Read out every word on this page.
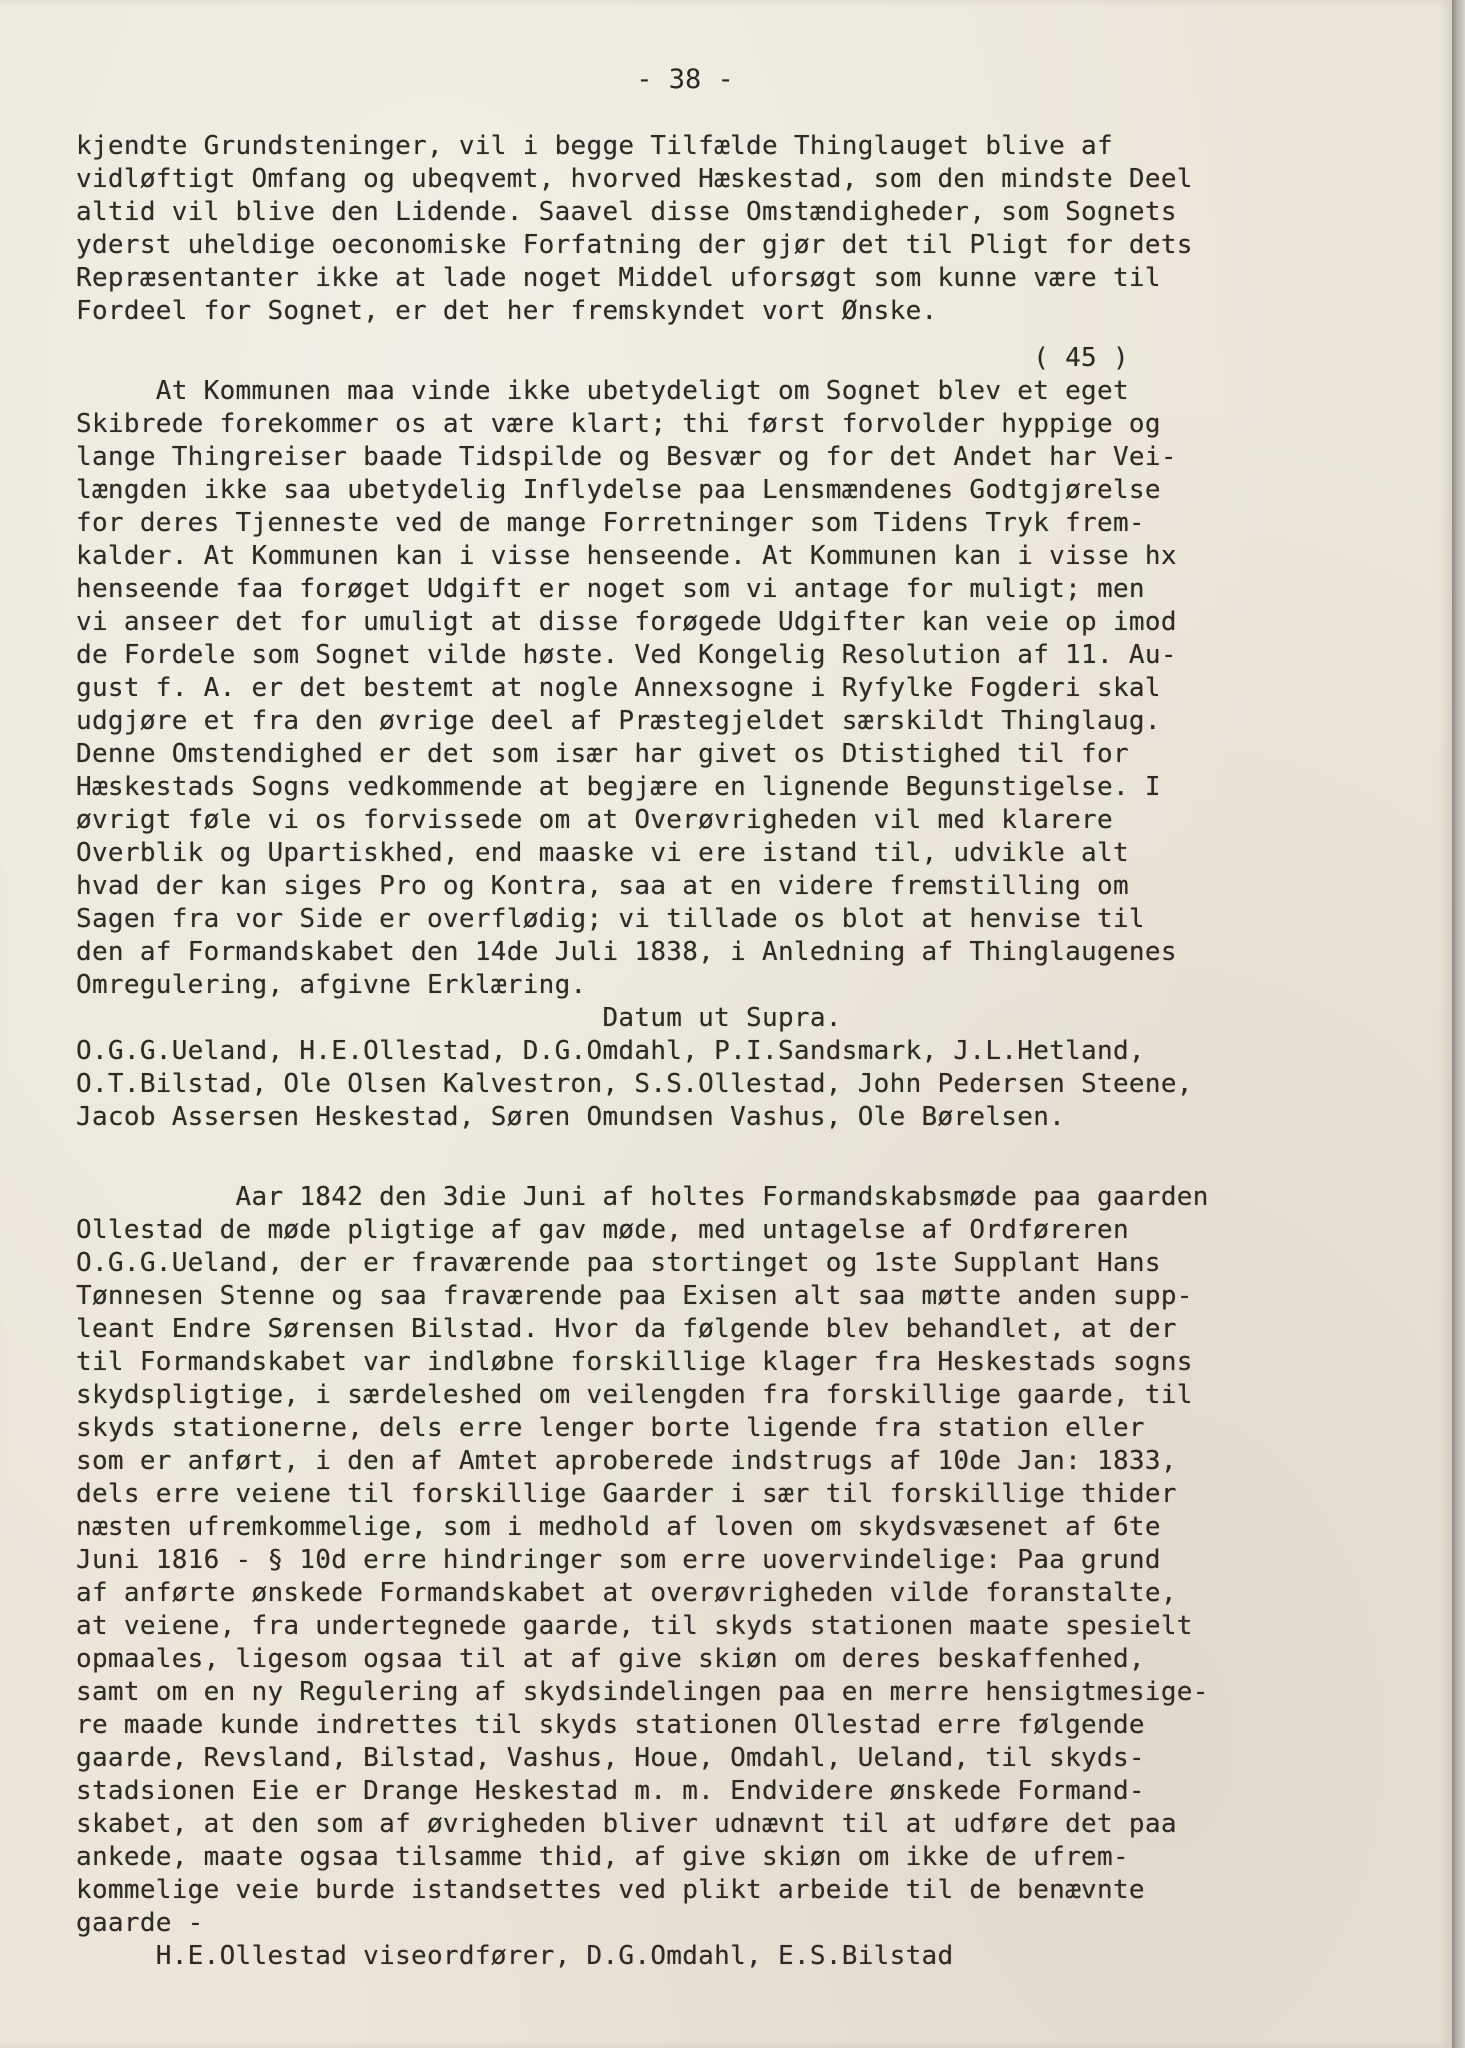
- 38 -
kjendte Grundsteninger, vil i begge Tilfælde Thinglauget blive af
vidløftigt Omfang og ubeqvemt, hvorved Hæskestad, som den mindste Deel
altid vil blive den Lidende. Saavel disse Omstændigheder, som Sognets
yderst uheldige oeconomiske Forfatning der gjør det til Pligt for dets
Repræsentanter ikke at lade noget Middel uforsøgt som kunne være til
Fordeel for Sognet, er det her fremskyndet vort Ønske.
( 45 )
At Kommunen maa vinde ikke ubetydeligt om Sognet blev et eget
Skibrede forekommer os at være klart; thi først forvolder hyppige og
lange Thingreiser baade Tidspilde og Besvær og for det Andet har Vei-
længden ikke saa ubetydelig Inflydelse paa Lensmændenes Godtgjørelse
for deres Tjenneste ved de mange Forretninger som Tidens Tryk frem-
kalder. At Kommunen kan i visse henseende. At Kommunen kan i visse hx
henseende faa forøget Udgift er noget som vi antage for muligt; men
vi anseer det for umuligt at disse forøgede Udgifter kan veie op imod
de Fordele som Sognet vilde høste. Ved Kongelig Resolution af 11. Au-
gust f. A. er det bestemt at nogle Annexsogne i Ryfylke Fogderi skal
udgjøre et fra den øvrige deel af Præstegjeldet særskildt Thinglaug.
Denne Omstendighed er det som især har givet os Dtistighed til for
Hæskestads Sogns vedkommende at begjære en lignende Begunstigelse. I
øvrigt føle vi os forvissede om at Overøvrigheden vil med klarere
Overblik og Upartiskhed, end maaske vi ere istand til, udvikle alt
hvad der kan siges Pro og Kontra, saa at en videre fremstilling om
Sagen fra vor Side er overflødig; vi tillade os blot at henvise til
den af Formandskabet den 14de Juli 1838, i Anledning af Thinglaugenes
Omregulering, afgivne Erklæring.
Datum ut Supra.
O.G.G.Ueland, H.E.Ollestad, D.G.Omdahl, P.I.Sandsmark, J.L.Hetland,
O.T.Bilstad, Ole Olsen Kalvestron, S.S.Ollestad, John Pedersen Steene,
Jacob Assersen Heskestad, Søren Omundsen Vashus, Ole Børelsen.
Aar 1842 den 3die Juni af holtes Formandskabsmøde paa gaarden
Ollestad de møde pligtige af gav møde, med untagelse af Ordføreren
O.G.G.Ueland, der er fraværende paa stortinget og 1ste Supplant Hans
Tønnesen Stenne og saa fraværende paa Exisen alt saa møtte anden supp-
leant Endre Sørensen Bilstad. Hvor da følgende blev behandlet, at der
til Formandskabet var indløbne forskillige klager fra Heskestads sogns
skydspligtige, i særdeleshed om veilengden fra forskillige gaarde, til
skyds stationerne, dels erre lenger borte ligende fra station eller
som er anført, i den af Amtet aproberede indstrugs af 10de Jan: 1833,
dels erre veiene til forskillige Gaarder i sær til forskillige thider
næsten ufremkommelige, som i medhold af loven om skydsvæsenet af 6te
Juni 1816 - § 10d erre hindringer som erre uovervindelige: Paa grund
af anførte ønskede Formandskabet at overøvrigheden vilde foranstalte,
at veiene, fra undertegnede gaarde, til skyds stationen maate spesielt
opmaales, ligesom ogsaa til at af give skiøn om deres beskaffenhed,
samt om en ny Regulering af skydsindelingen paa en merre hensigtmesige-
re maade kunde indrettes til skyds stationen Ollestad erre følgende
gaarde, Revsland, Bilstad, Vashus, Houe, Omdahl, Ueland, til skyds-
stadsionen Eie er Drange Heskestad m. m. Endvidere ønskede Formand-
skabet, at den som af øvrigheden bliver udnævnt til at udføre det paa
ankede, maate ogsaa tilsamme thid, af give skiøn om ikke de ufrem-
kommelige veie burde istandsettes ved plikt arbeide til de benævnte
gaarde -
H.E.Ollestad viseordfører, D.G.Omdahl, E.S.Bilstad
